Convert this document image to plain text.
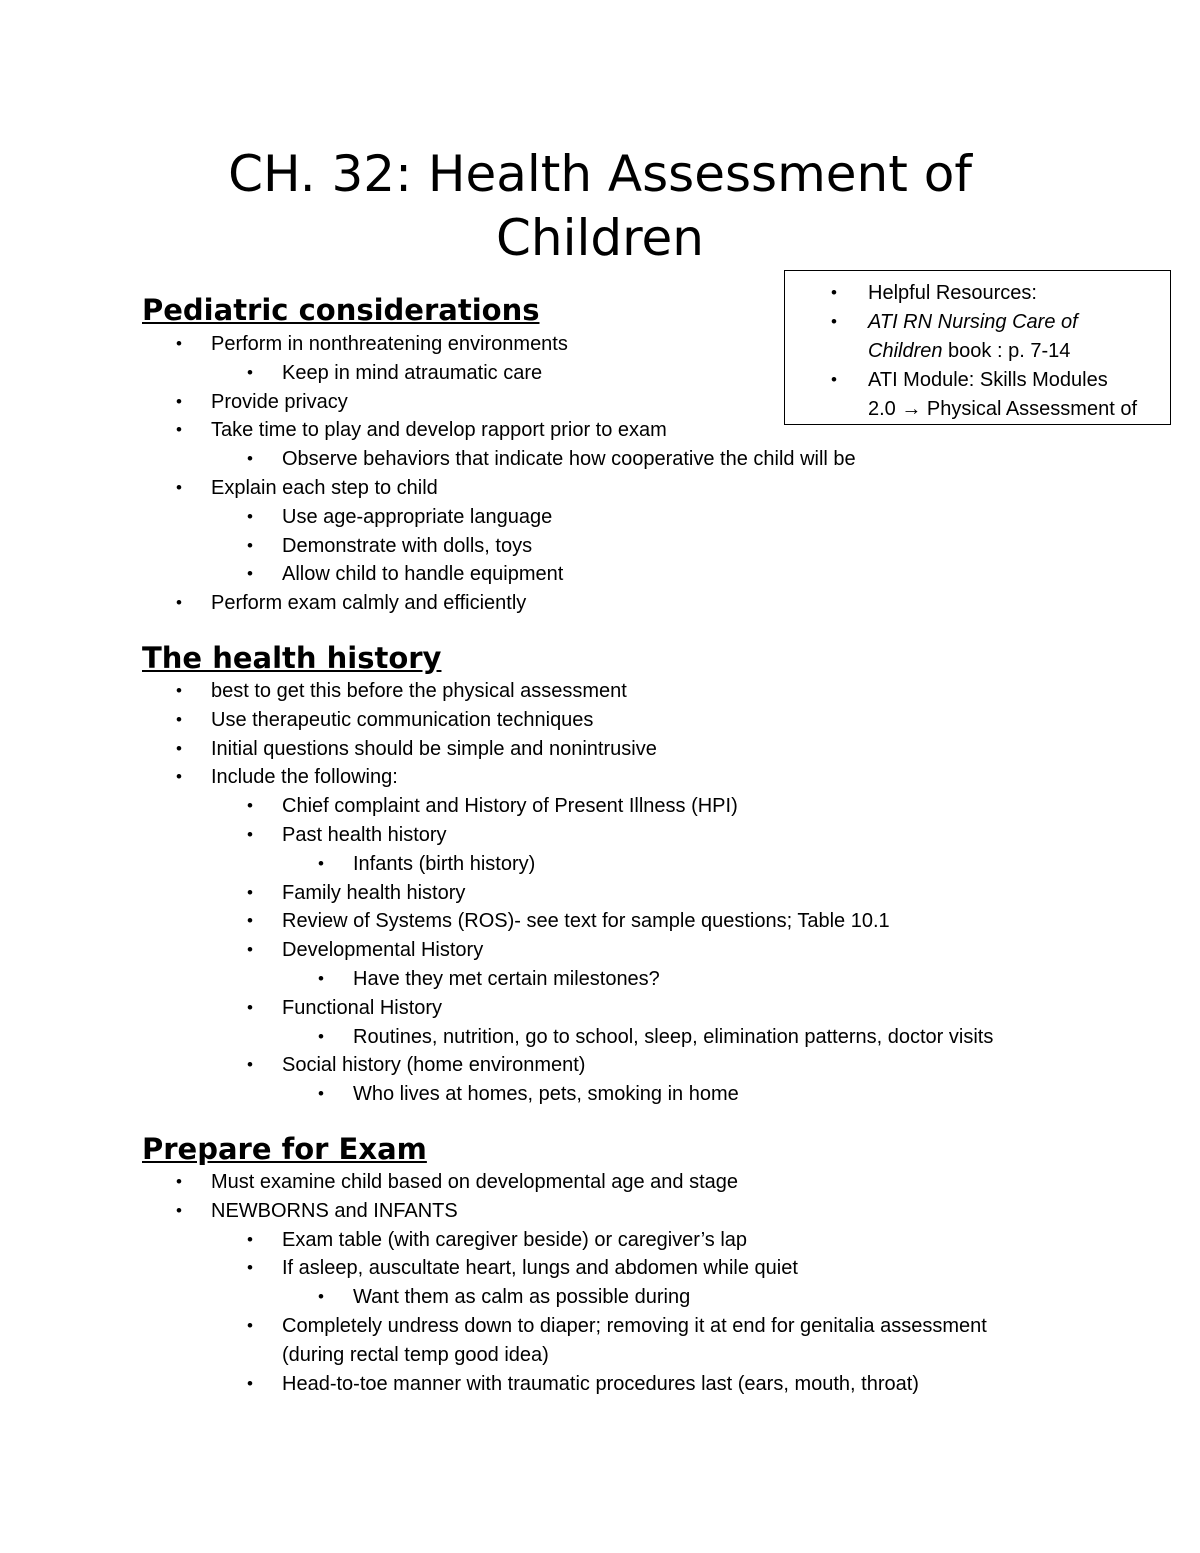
CH. 32: Health Assessment of
Children
• Helpful Resources:
• ATI RN Nursing Care of
Children book : p. 7-14
• ATI Module: Skills Modules
2.0 → Physical Assessment of
Pediatric considerations
• Perform in nonthreatening environments
• Keep in mind atraumatic care
• Provide privacy
• Take time to play and develop rapport prior to exam
• Observe behaviors that indicate how cooperative the child will be
• Explain each step to child
• Use age-appropriate language
• Demonstrate with dolls, toys
• Allow child to handle equipment
• Perform exam calmly and efficiently
The health history
• best to get this before the physical assessment
• Use therapeutic communication techniques
• Initial questions should be simple and nonintrusive
• Include the following:
• Chief complaint and History of Present Illness (HPI)
• Past health history
• Infants (birth history)
• Family health history
• Review of Systems (ROS)- see text for sample questions; Table 10.1
• Developmental History
• Have they met certain milestones?
• Functional History
• Routines, nutrition, go to school, sleep, elimination patterns, doctor visits
• Social history (home environment)
• Who lives at homes, pets, smoking in home
Prepare for Exam
• Must examine child based on developmental age and stage
• NEWBORNS and INFANTS
• Exam table (with caregiver beside) or caregiver’s lap
• If asleep, auscultate heart, lungs and abdomen while quiet
• Want them as calm as possible during
• Completely undress down to diaper; removing it at end for genitalia assessment
(during rectal temp good idea)
• Head-to-toe manner with traumatic procedures last (ears, mouth, throat)
